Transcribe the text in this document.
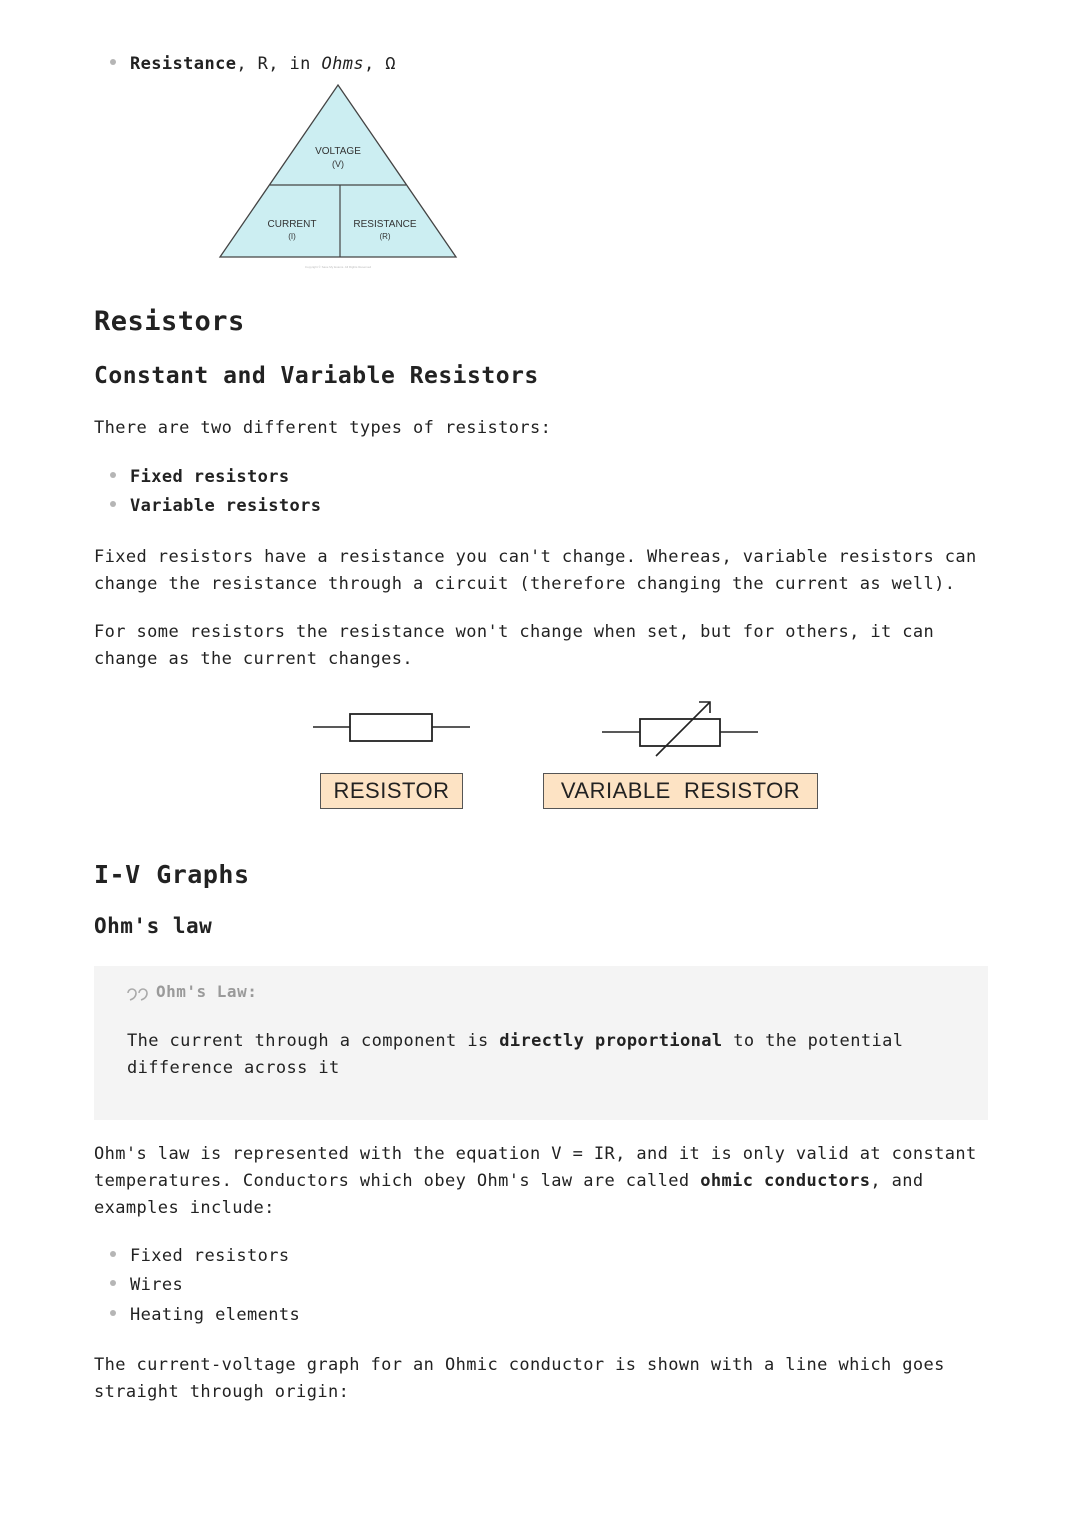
Resistance, R, in Ohms, Ω
VOLTAGE
(V)
CURRENT
(I)
RESISTANCE
(R)
Copyright © Save My Exams. All Rights Reserved
Resistors
Constant and Variable Resistors
There are two different types of resistors:
Fixed resistors
Variable resistors
Fixed resistors have a resistance you can't change. Whereas, variable resistors can change the resistance through a circuit (therefore changing the current as well).
For some resistors the resistance won't change when set, but for others, it can change as the current changes.
RESISTOR	VARIABLE  RESISTOR
I-V Graphs
Ohm's law
Ohm's Law:
The current through a component is directly proportional to the potential difference across it
Ohm's law is represented with the equation V = IR, and it is only valid at constant temperatures. Conductors which obey Ohm's law are called ohmic conductors, and examples include:
Fixed resistors
Wires
Heating elements
The current-voltage graph for an Ohmic conductor is shown with a line which goes straight through origin:
